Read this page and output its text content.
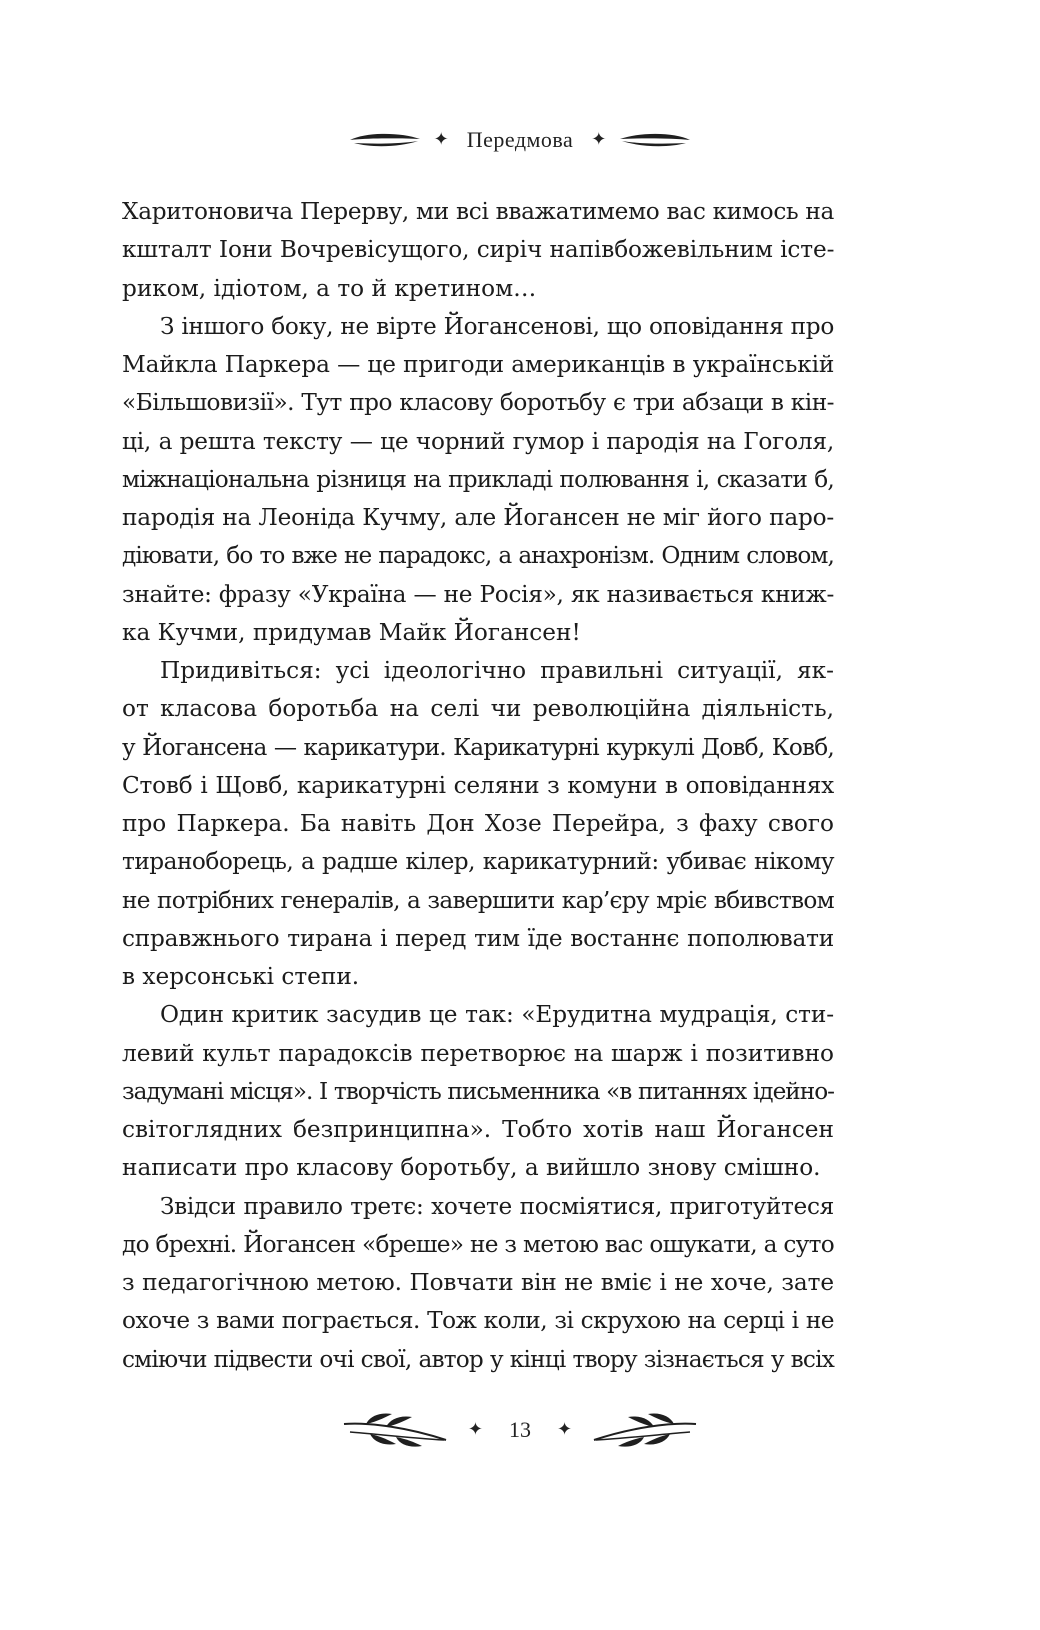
✦ Передмова	✦

Харитоновича Перерву, ми всі вважатимемо вас кимось на

кшталт Іони Вочревісущого, сиріч напівбожевільним істе-

риком, ідіотом, а то й кретином…

З іншого боку, не вірте Йогансенові, що оповідання про

Майкла Паркера — це пригоди американців в українській

«Більшовизії». Тут про класову боротьбу є три абзаци в кін-

ці, а решта тексту — це чорний гумор і пародія на Гоголя,

міжнаціональна різниця на прикладі полювання і, сказати б,

пародія на Леоніда Кучму, але Йогансен не міг його паро-

діювати, бо то вже не парадокс, а анахронізм. Одним словом,

знайте: фразу «Україна — не Росія», як називається книж-

ка Кучми, придумав Майк Йогансен!

Придивіться: усі ідеологічно правильні ситуації, як-

от класова боротьба на селі чи революційна діяльність,

у Йогансена — карикатури. Карикатурні куркулі Довб, Ковб,

Стовб і Щовб, карикатурні селяни з комуни в оповіданнях

про Паркера. Ба навіть Дон Хозе Перейра, з фаху свого

тираноборець, а радше кілер, карикатурний: убиває нікому

не потрібних генералів, а завершити кар’єру мріє вбивством

справжнього тирана і перед тим їде востаннє пополювати

в херсонські степи.

Один критик засудив це так: «Ерудитна мудрація, сти-

левий культ парадоксів перетворює на шарж і позитивно

задумані місця». І творчість письменника «в питаннях ідейно-

світоглядних безпринципна». Тобто хотів наш Йогансен

написати про класову боротьбу, а вийшло знову смішно.

Звідси правило третє: хочете посміятися, приготуйтеся

до брехні. Йогансен «бреше» не з метою вас ошукати, а суто

з педагогічною метою. Повчати він не вміє і не хоче, зате

охоче з вами пограється. Тож коли, зі скрухою на серці і не

сміючи підвести очі свої, автор у кінці твору зізнається у всіх

✦ 13	✦
